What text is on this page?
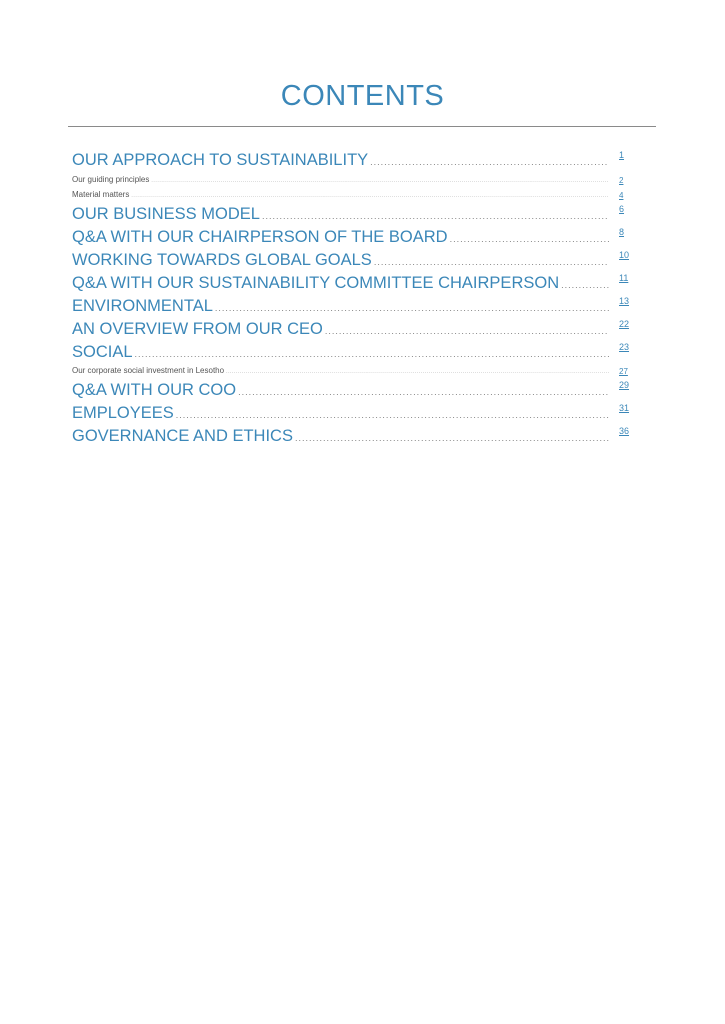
CONTENTS
OUR APPROACH TO SUSTAINABILITY .....	1
Our guiding principles .....	2
Material matters .....	4
OUR BUSINESS MODEL .....	6
Q&A WITH OUR CHAIRPERSON OF THE BOARD .....	8
WORKING TOWARDS GLOBAL GOALS .....	10
Q&A WITH OUR SUSTAINABILITY COMMITTEE CHAIRPERSON .....	11
ENVIRONMENTAL .....	13
AN OVERVIEW FROM OUR CEO .....	22
SOCIAL .....	23
Our corporate social investment in Lesotho .....	27
Q&A WITH OUR COO .....	29
EMPLOYEES .....	31
GOVERNANCE AND ETHICS .....	36
